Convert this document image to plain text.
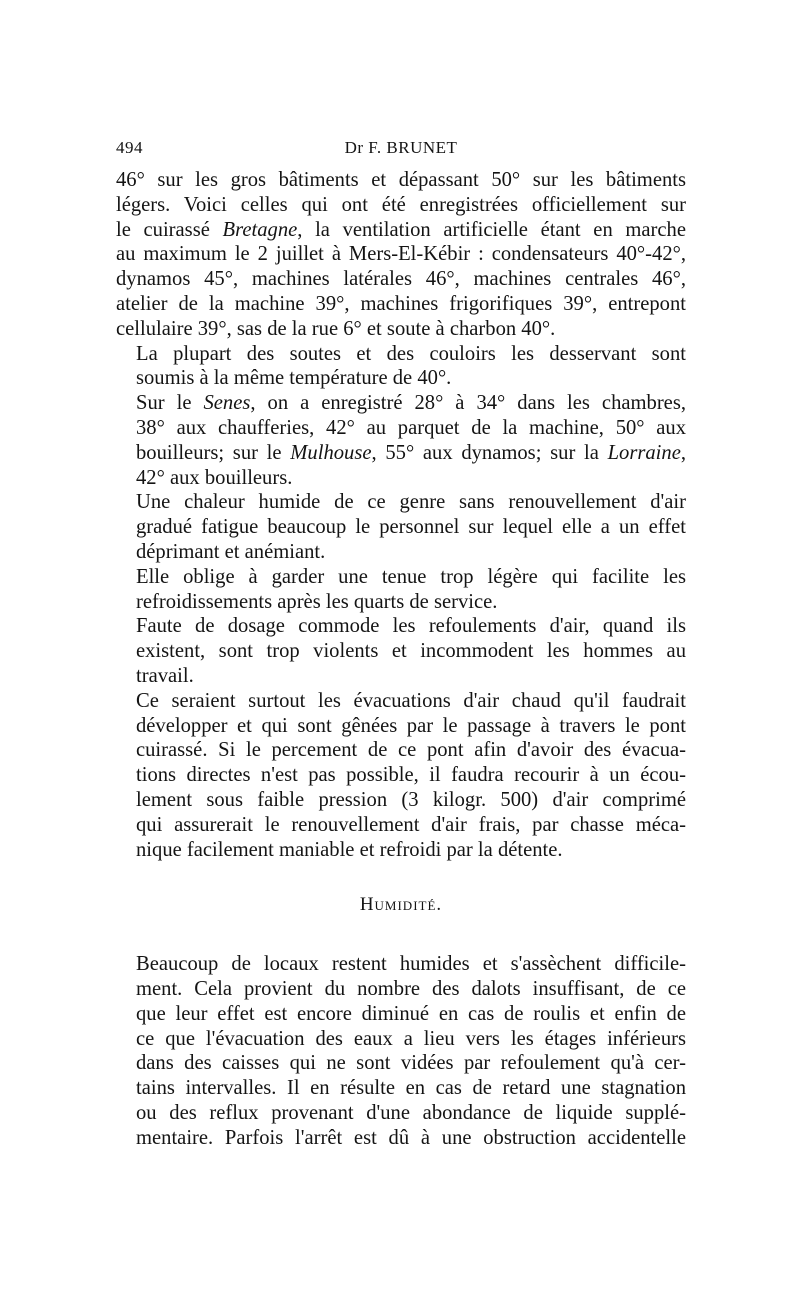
494	Dr F. BRUNET

46° sur les gros bâtiments et dépassant 50° sur les bâtiments
légers. Voici celles qui ont été enregistrées officiellement sur
le cuirassé Bretagne, la ventilation artificielle étant en marche
au maximum le 2 juillet à Mers-El-Kébir : condensateurs 40°-42°,
dynamos 45°, machines latérales 46°, machines centrales 46°,
atelier de la machine 39°, machines frigorifiques 39°, entrepont
cellulaire 39°, sas de la rue 6° et soute à charbon 40°.

La plupart des soutes et des couloirs les desservant sont
soumis à la même température de 40°.

Sur le Senes, on a enregistré 28° à 34° dans les chambres,
38° aux chaufferies, 42° au parquet de la machine, 50° aux
bouilleurs; sur le Mulhouse, 55° aux dynamos; sur la Lorraine,
42° aux bouilleurs.

Une chaleur humide de ce genre sans renouvellement d'air
gradué fatigue beaucoup le personnel sur lequel elle a un effet
déprimant et anémiant.

Elle oblige à garder une tenue trop légère qui facilite les
refroidissements après les quarts de service.

Faute de dosage commode les refoulements d'air, quand ils
existent, sont trop violents et incommodent les hommes au
travail.

Ce seraient surtout les évacuations d'air chaud qu'il faudrait
développer et qui sont gênées par le passage à travers le pont
cuirassé. Si le percement de ce pont afin d'avoir des évacua-
tions directes n'est pas possible, il faudra recourir à un écou-
lement sous faible pression (3 kilogr. 500) d'air comprimé
qui assurerait le renouvellement d'air frais, par chasse méca-
nique facilement maniable et refroidi par la détente.

Humidité.

Beaucoup de locaux restent humides et s'assèchent difficile-
ment. Cela provient du nombre des dalots insuffisant, de ce
que leur effet est encore diminué en cas de roulis et enfin de
ce que l'évacuation des eaux a lieu vers les étages inférieurs
dans des caisses qui ne sont vidées par refoulement qu'à cer-
tains intervalles. Il en résulte en cas de retard une stagnation
ou des reflux provenant d'une abondance de liquide supplé-
mentaire. Parfois l'arrêt est dû à une obstruction accidentelle
